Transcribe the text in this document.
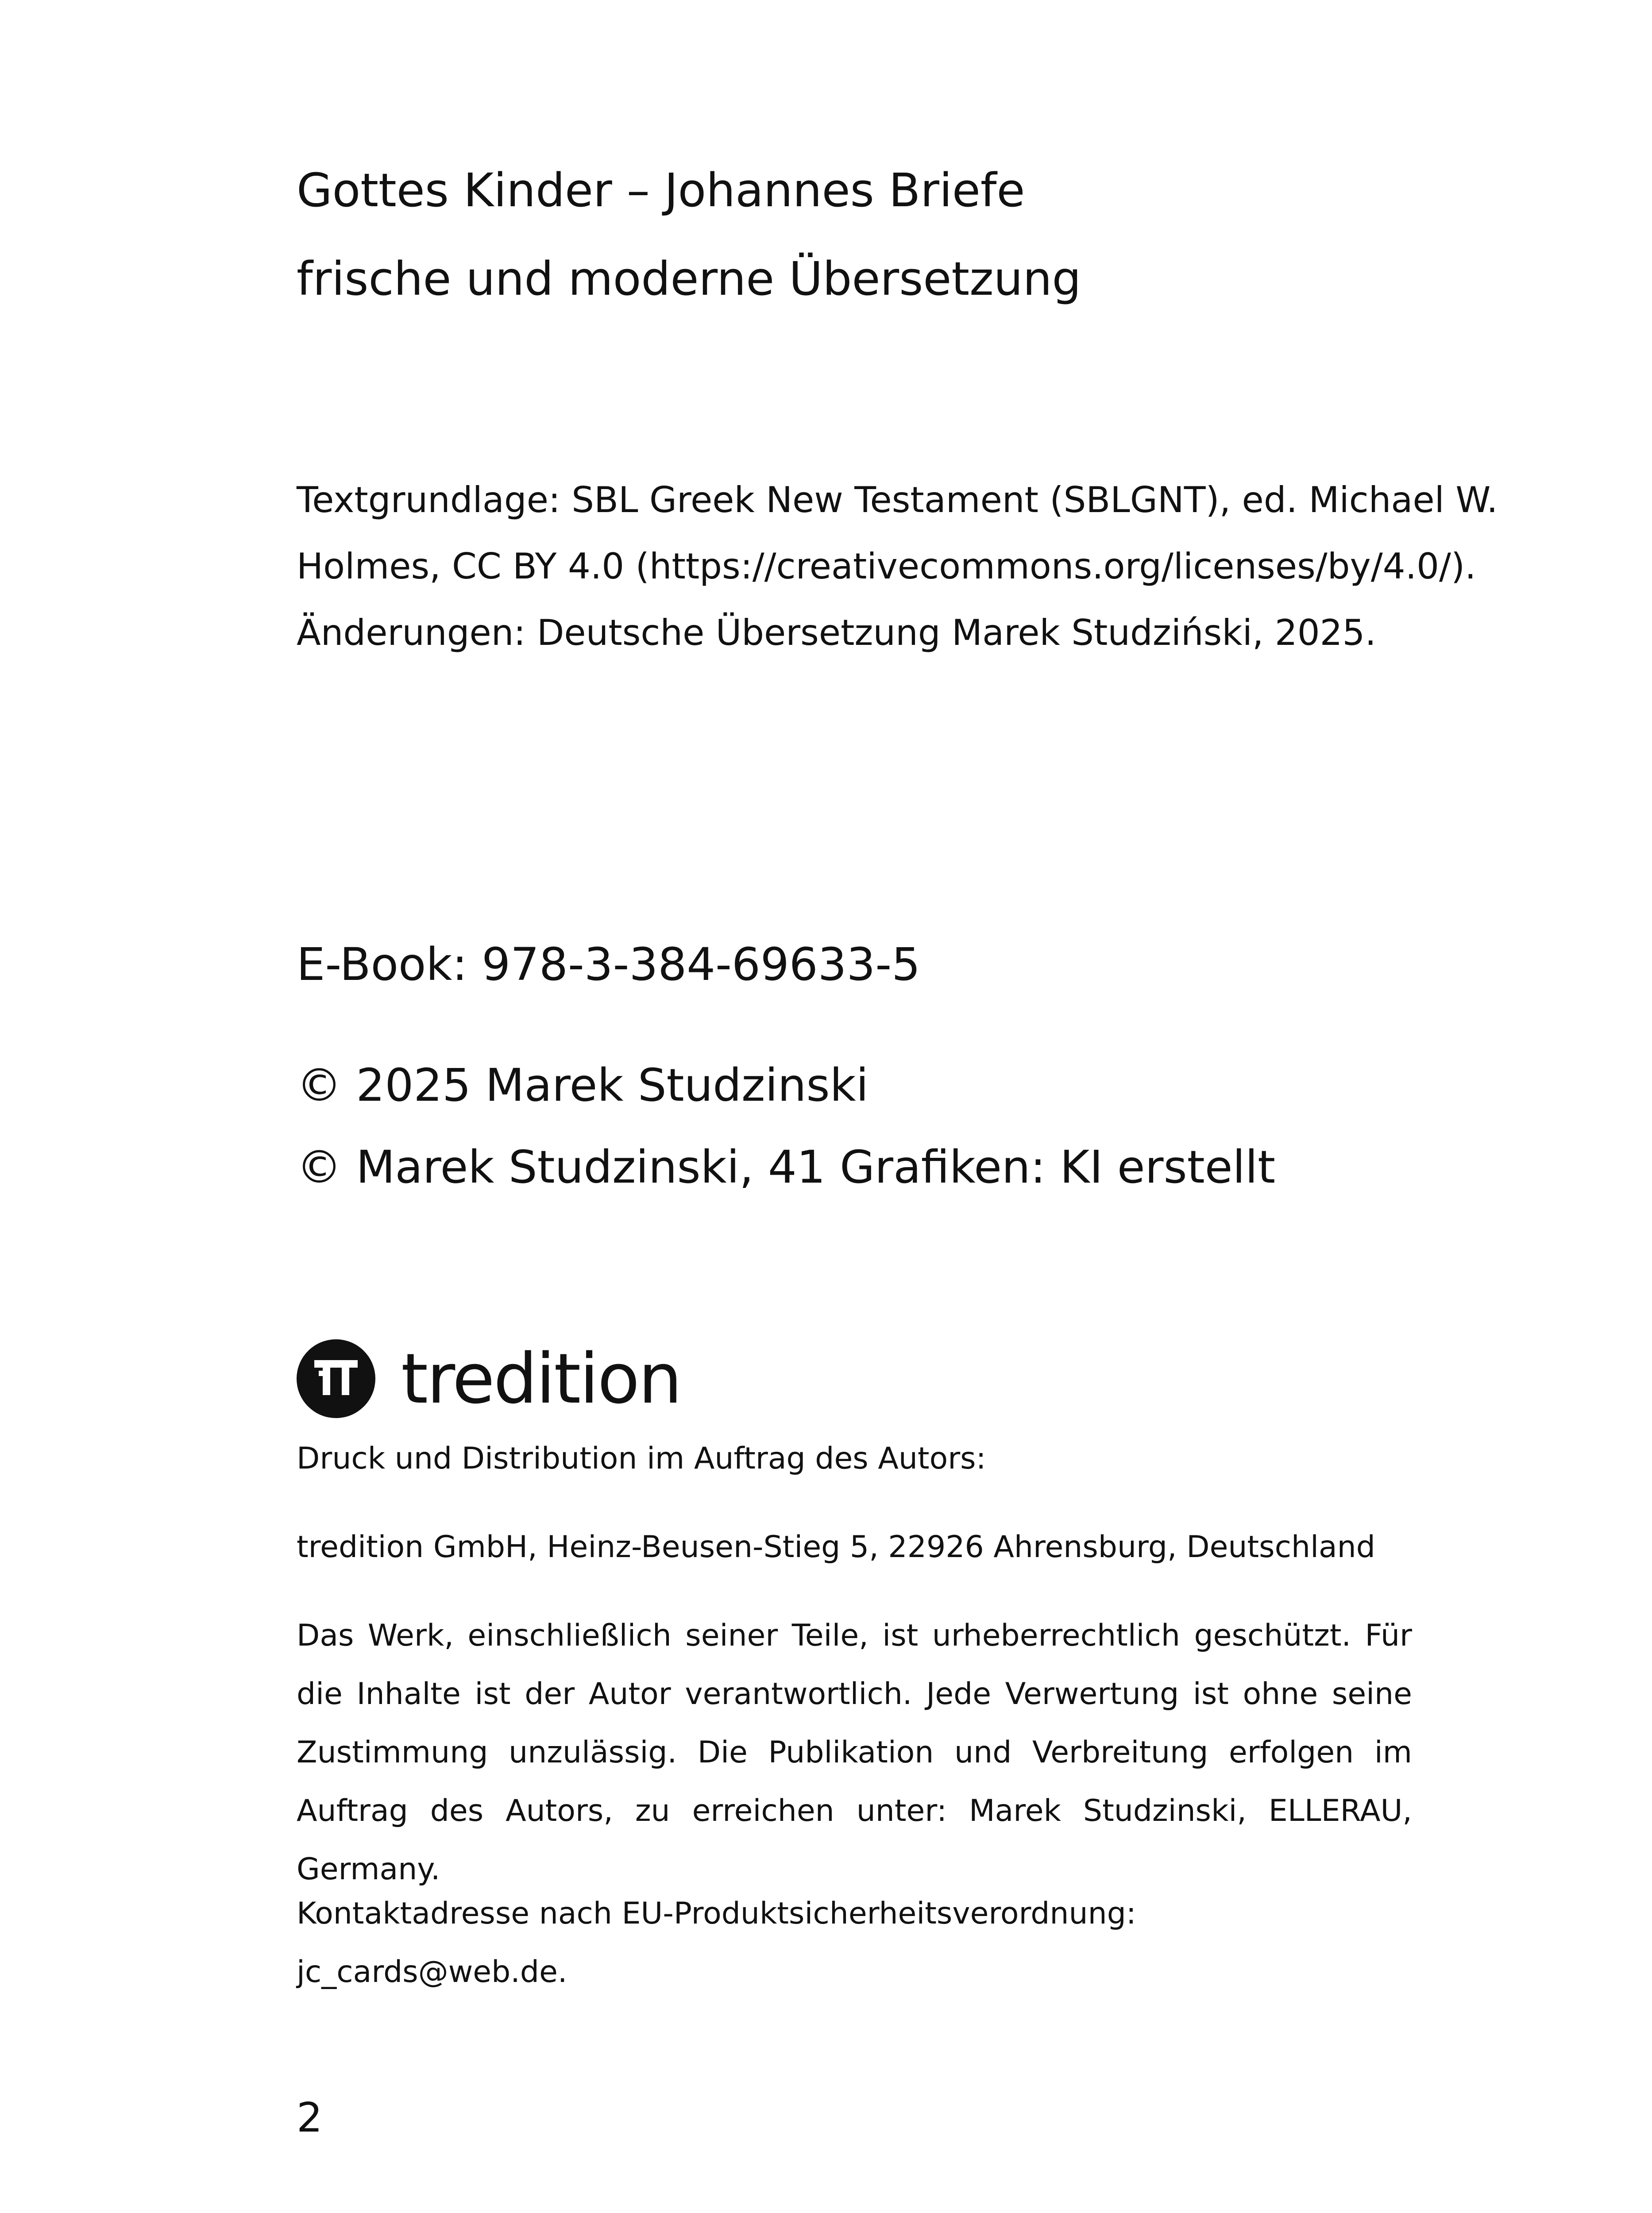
Gottes Kinder – Johannes Briefe
frische und moderne Übersetzung
Textgrundlage: SBL Greek New Testament (SBLGNT), ed. Michael W.
Holmes, CC BY 4.0 (https://creativecommons.org/licenses/by/4.0/).
Änderungen: Deutsche Übersetzung Marek Studziński, 2025.
E-Book: 978-3-384-69633-5
© 2025 Marek Studzinski
© Marek Studzinski, 41 Grafiken: KI erstellt
tredition
Druck und Distribution im Auftrag des Autors:
tredition GmbH, Heinz-Beusen-Stieg 5, 22926 Ahrensburg, Deutschland
Das Werk, einschließlich seiner Teile, ist urheberrechtlich geschützt. Für die Inhalte ist der Autor verantwortlich. Jede Verwertung ist ohne seine Zustimmung unzulässig. Die Publikation und Verbreitung erfolgen im Auftrag des Autors, zu erreichen unter: Marek Studzinski, ELLERAU, Germany.
Kontaktadresse nach EU-Produktsicherheitsverordnung:
jc_cards@web.de.
2
